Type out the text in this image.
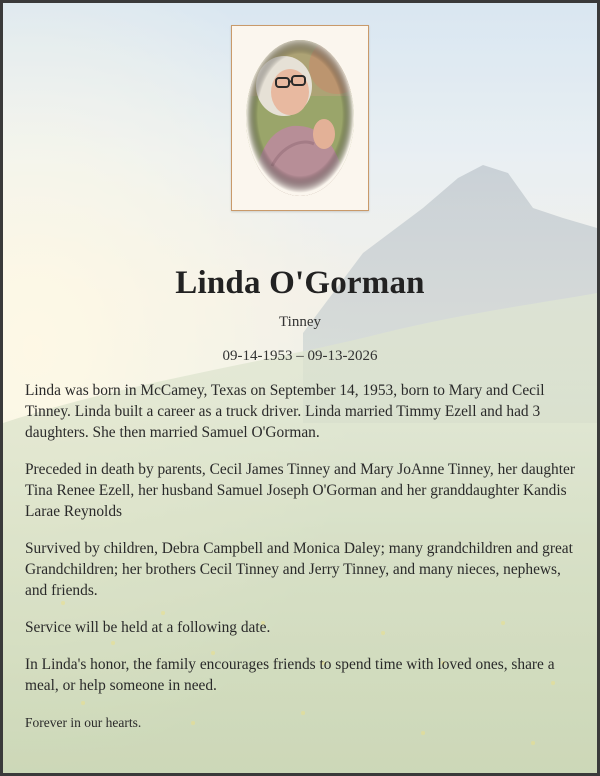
Linda O'Gorman
Tinney
09-14-1953 – 09-13-2026

Linda was born in McCamey, Texas on September 14, 1953, born to Mary and Cecil Tinney. Linda built a career as a truck driver. Linda married Timmy Ezell and had 3 daughters. She then married Samuel O'Gorman.

Preceded in death by parents, Cecil James Tinney and Mary JoAnne Tinney, her daughter Tina Renee Ezell, her husband Samuel Joseph O'Gorman and her granddaughter Kandis Larae Reynolds

Survived by children, Debra Campbell and Monica Daley; many grandchildren and great Grandchildren; her brothers Cecil Tinney and Jerry Tinney, and many nieces, nephews, and friends.

Service will be held at a following date.

In Linda's honor, the family encourages friends to spend time with loved ones, share a meal, or help someone in need.

Forever in our hearts.
